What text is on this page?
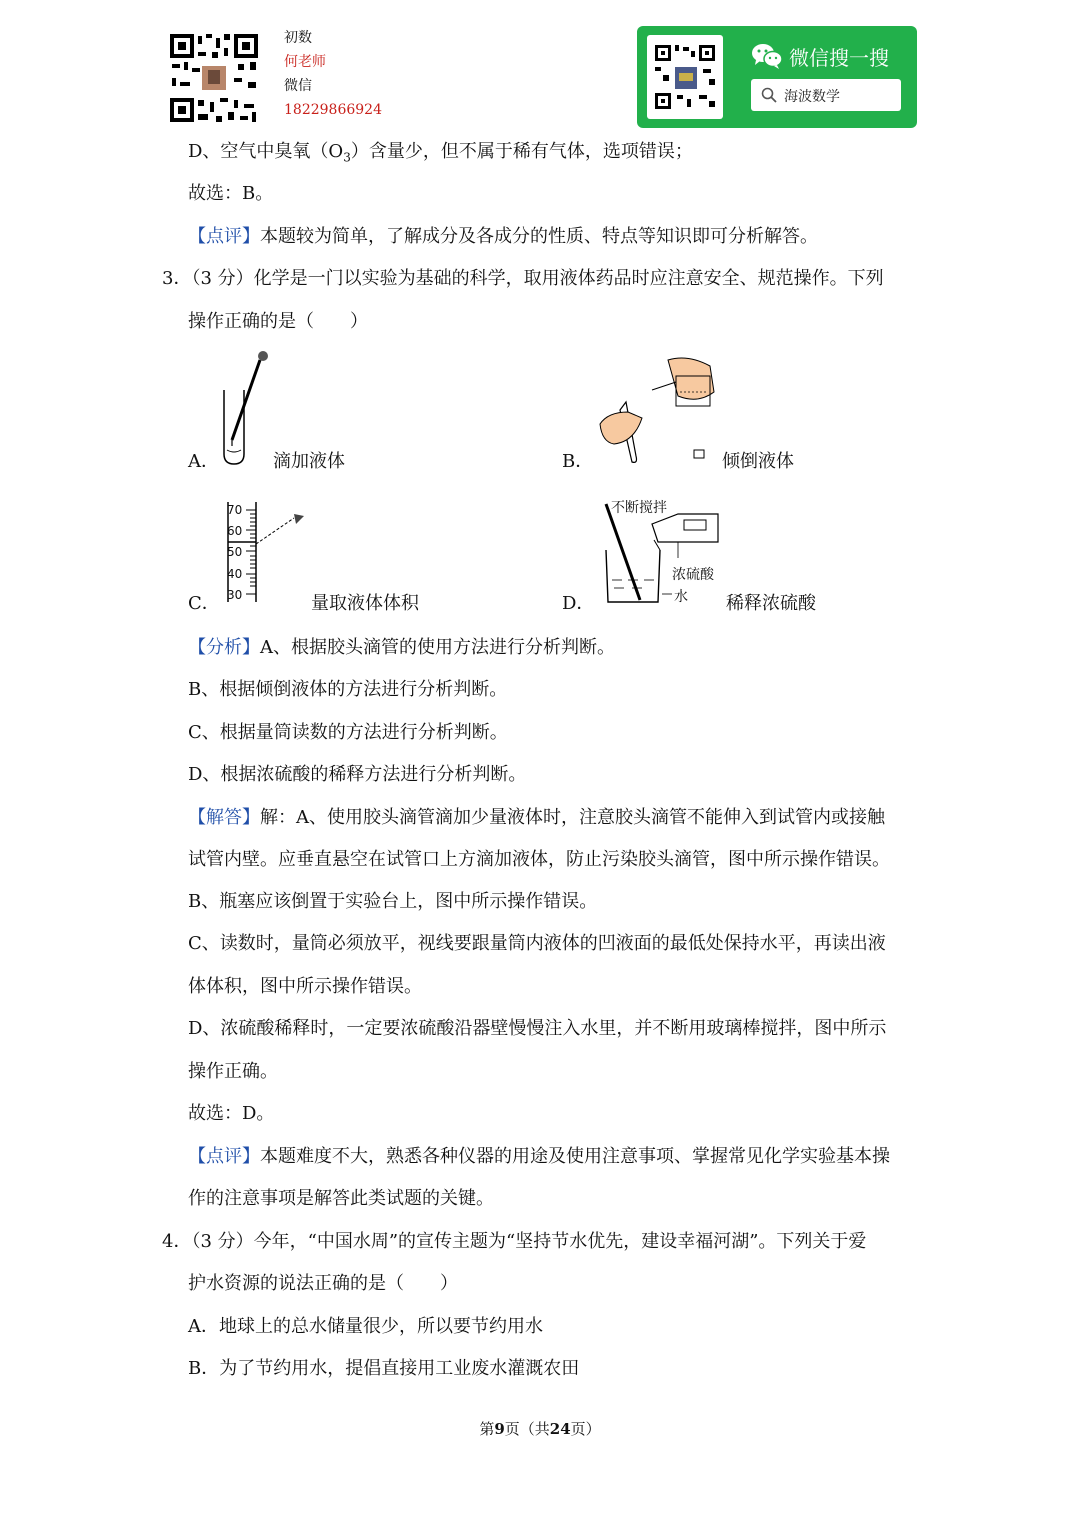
初数
何老师
微信
18229866924
微信搜一搜
海波数学
D、空气中臭氧$(O_3)$含量少，但不属于稀有气体，选项错误；
故选：B。
【点评】本题较为简单，了解成分及各成分的性质、特点等知识即可分析解答。
3．（3 分）化学是一门以实验为基础的科学，取用液体药品时应注意安全、规范操作。下列
操作正确的是（　　）
A．	滴加液体	B．	倾倒液体
70
60
50
40
30
C．	量取液体体积
不断搅拌
浓硫酸
水
D．	稀释浓硫酸
【分析】A、根据胶头滴管的使用方法进行分析判断。
B、根据倾倒液体的方法进行分析判断。
C、根据量筒读数的方法进行分析判断。
D、根据浓硫酸的稀释方法进行分析判断。
【解答】解：A、使用胶头滴管滴加少量液体时，注意胶头滴管不能伸入到试管内或接触
试管内壁。应垂直悬空在试管口上方滴加液体，防止污染胶头滴管，图中所示操作错误。
B、瓶塞应该倒置于实验台上，图中所示操作错误。
C、读数时，量筒必须放平，视线要跟量筒内液体的凹液面的最低处保持水平，再读出液
体体积，图中所示操作错误。
D、浓硫酸稀释时，一定要浓硫酸沿器壁慢慢注入水里，并不断用玻璃棒搅拌，图中所示
操作正确。
故选：D。
【点评】本题难度不大，熟悉各种仪器的用途及使用注意事项、掌握常见化学实验基本操
作的注意事项是解答此类试题的关键。
4．（3 分）今年，“中国水周”的宣传主题为“坚持节水优先，建设幸福河湖”。下列关于爱
护水资源的说法正确的是（　　）
A．地球上的总水储量很少，所以要节约用水
B．为了节约用水，提倡直接用工业废水灌溉农田
第9页（共24页）
